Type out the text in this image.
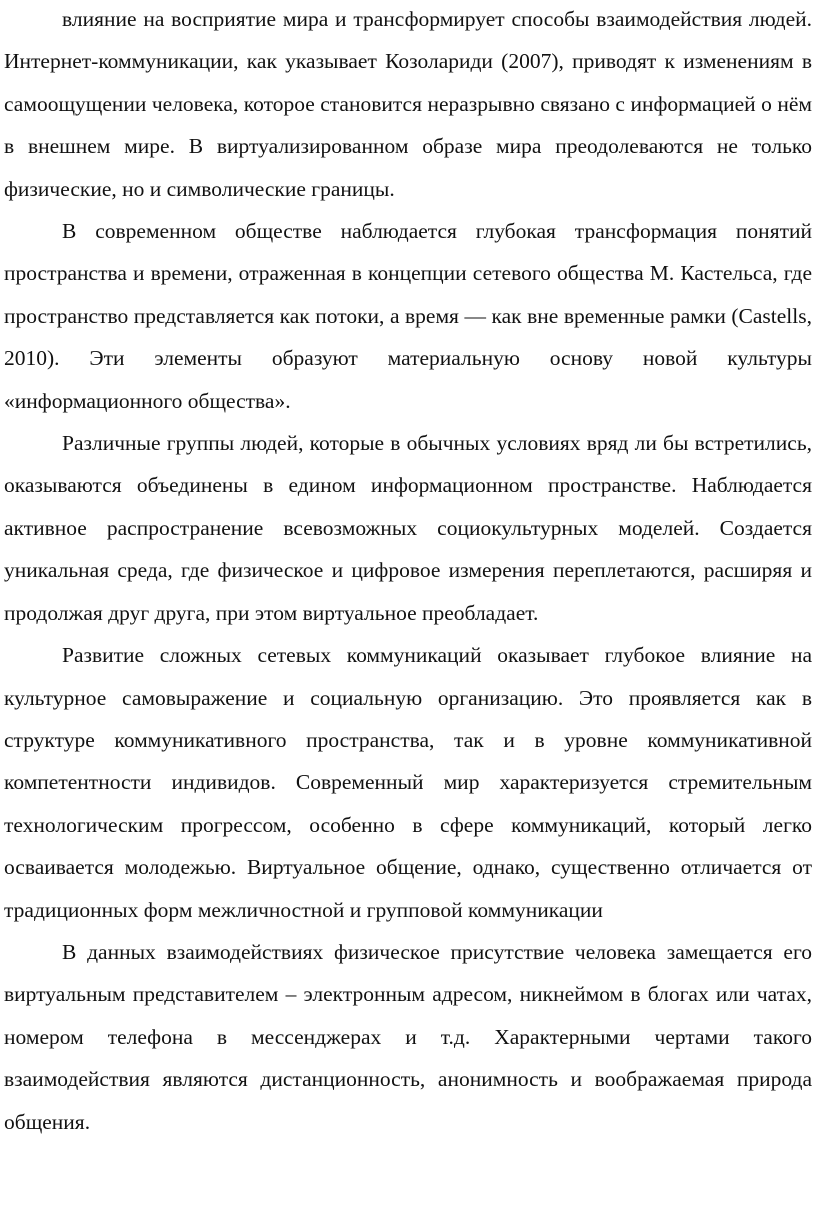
влияние на восприятие мира и трансформирует способы взаимодействия людей. Интернет-коммуникации, как указывает Козолариди (2007), приводят к изменениям в самоощущении человека, которое становится неразрывно связано с информацией о нём в внешнем мире. В виртуализированном образе мира преодолеваются не только физические, но и символические границы.

В современном обществе наблюдается глубокая трансформация понятий пространства и времени, отраженная в концепции сетевого общества М. Кастельса, где пространство представляется как потоки, а время — как вне временные рамки (Castells, 2010). Эти элементы образуют материальную основу новой культуры «информационного общества».

Различные группы людей, которые в обычных условиях вряд ли бы встретились, оказываются объединены в едином информационном пространстве. Наблюдается активное распространение всевозможных социокультурных моделей. Создается уникальная среда, где физическое и цифровое измерения переплетаются, расширяя и продолжая друг друга, при этом виртуальное преобладает.

Развитие сложных сетевых коммуникаций оказывает глубокое влияние на культурное самовыражение и социальную организацию. Это проявляется как в структуре коммуникативного пространства, так и в уровне коммуникативной компетентности индивидов. Современный мир характеризуется стремительным технологическим прогрессом, особенно в сфере коммуникаций, который легко осваивается молодежью. Виртуальное общение, однако, существенно отличается от традиционных форм межличностной и групповой коммуникации

В данных взаимодействиях физическое присутствие человека замещается его виртуальным представителем – электронным адресом, никнеймом в блогах или чатах, номером телефона в мессенджерах и т.д. Характерными чертами такого взаимодействия являются дистанционность, анонимность и воображаемая природа общения.
